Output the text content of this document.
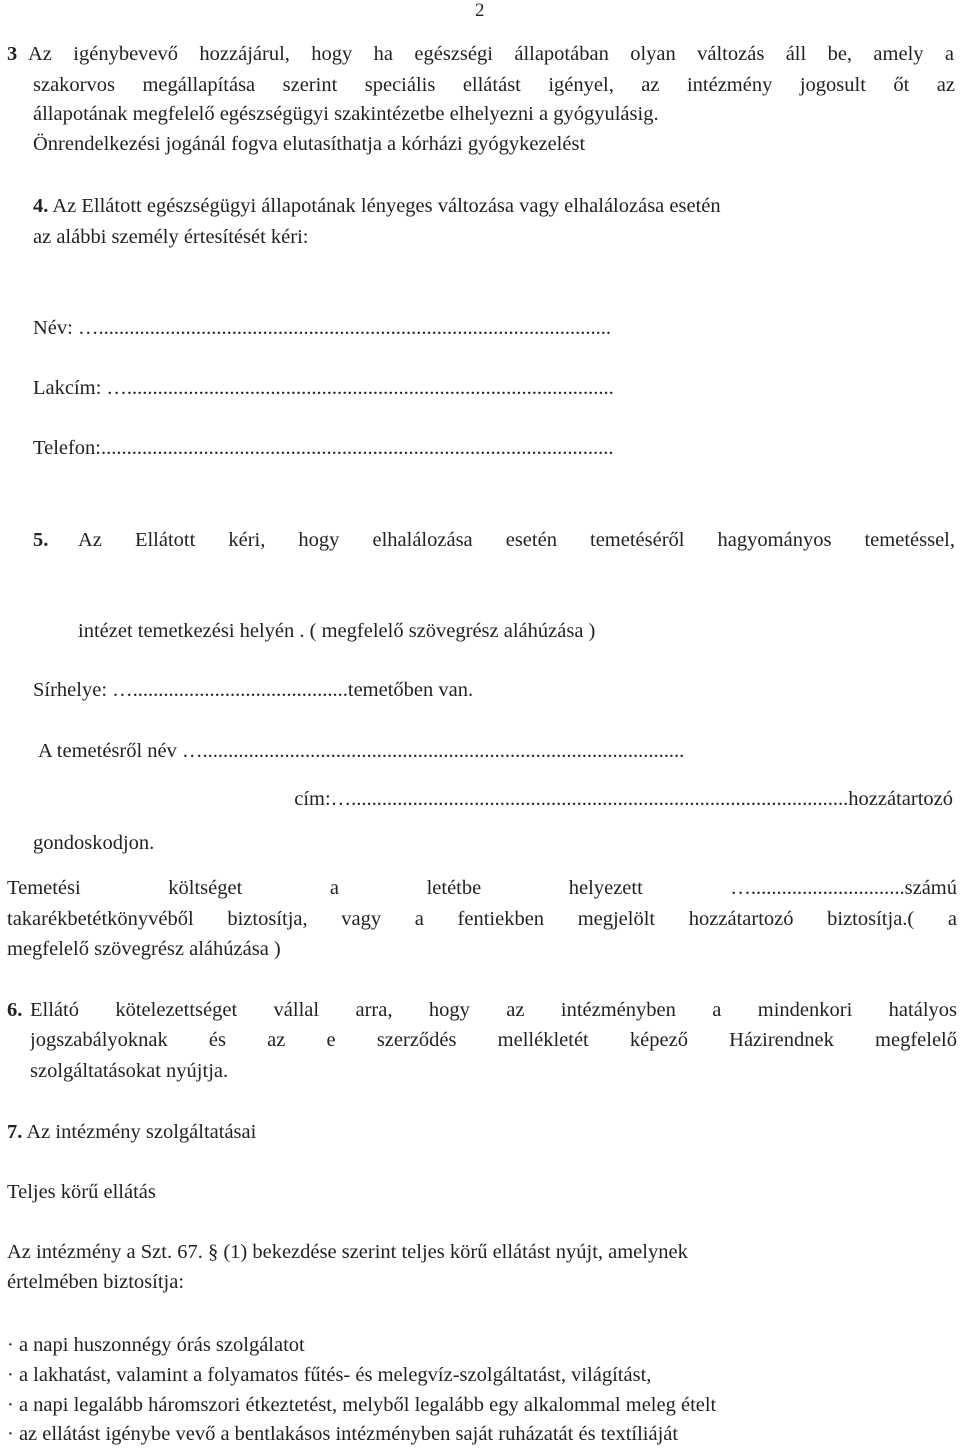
2
3 Az igénybevevő hozzájárul, hogy ha egészségi állapotában olyan változás áll be, amely a
szakorvos megállapítása szerint speciális ellátást igényel, az intézmény jogosult őt az
állapotának megfelelő egészségügyi szakintézetbe elhelyezni a gyógyulásig.
Önrendelkezési jogánál fogva elutasíthatja a kórházi gyógykezelést
4. Az Ellátott egészségügyi állapotának lényeges változása vagy elhalálozása esetén
az alábbi személy értesítését kéri:
Név: …....................................................................................................
Lakcím: …...............................................................................................
Telefon:....................................................................................................
5. Az Ellátott kéri, hogy elhalálozása esetén temetéséről hagyományos temetéssel,

intézet temetkezési helyén . ( megfelelő szövegrész aláhúzása )
Sírhelye: …..........................................temetőben van.
A temetésről név …..............................................................................................
cím:….................................................................................................hozzátartozó
gondoskodjon.
Temetési költséget a letétbe helyezett …..............................számú
takarékbetétkönyvéből biztosítja, vagy a fentiekben megjelölt hozzátartozó biztosítja.( a
megfelelő szövegrész aláhúzása )
6. Ellátó kötelezettséget vállal arra, hogy az intézményben a mindenkori hatályos
jogszabályoknak és az e szerződés mellékletét képező Házirendnek megfelelő
szolgáltatásokat nyújtja.
7. Az intézmény szolgáltatásai
Teljes körű ellátás
Az intézmény a Szt. 67. § (1) bekezdése szerint teljes körű ellátást nyújt, amelynek
értelmében biztosítja:
· a napi huszonnégy órás szolgálatot
· a lakhatást, valamint a folyamatos fűtés- és melegvíz-szolgáltatást, világítást,
· a napi legalább háromszori étkeztetést, melyből legalább egy alkalommal meleg ételt
· az ellátást igénybe vevő a bentlakásos intézményben saját ruházatát és textíliáját
